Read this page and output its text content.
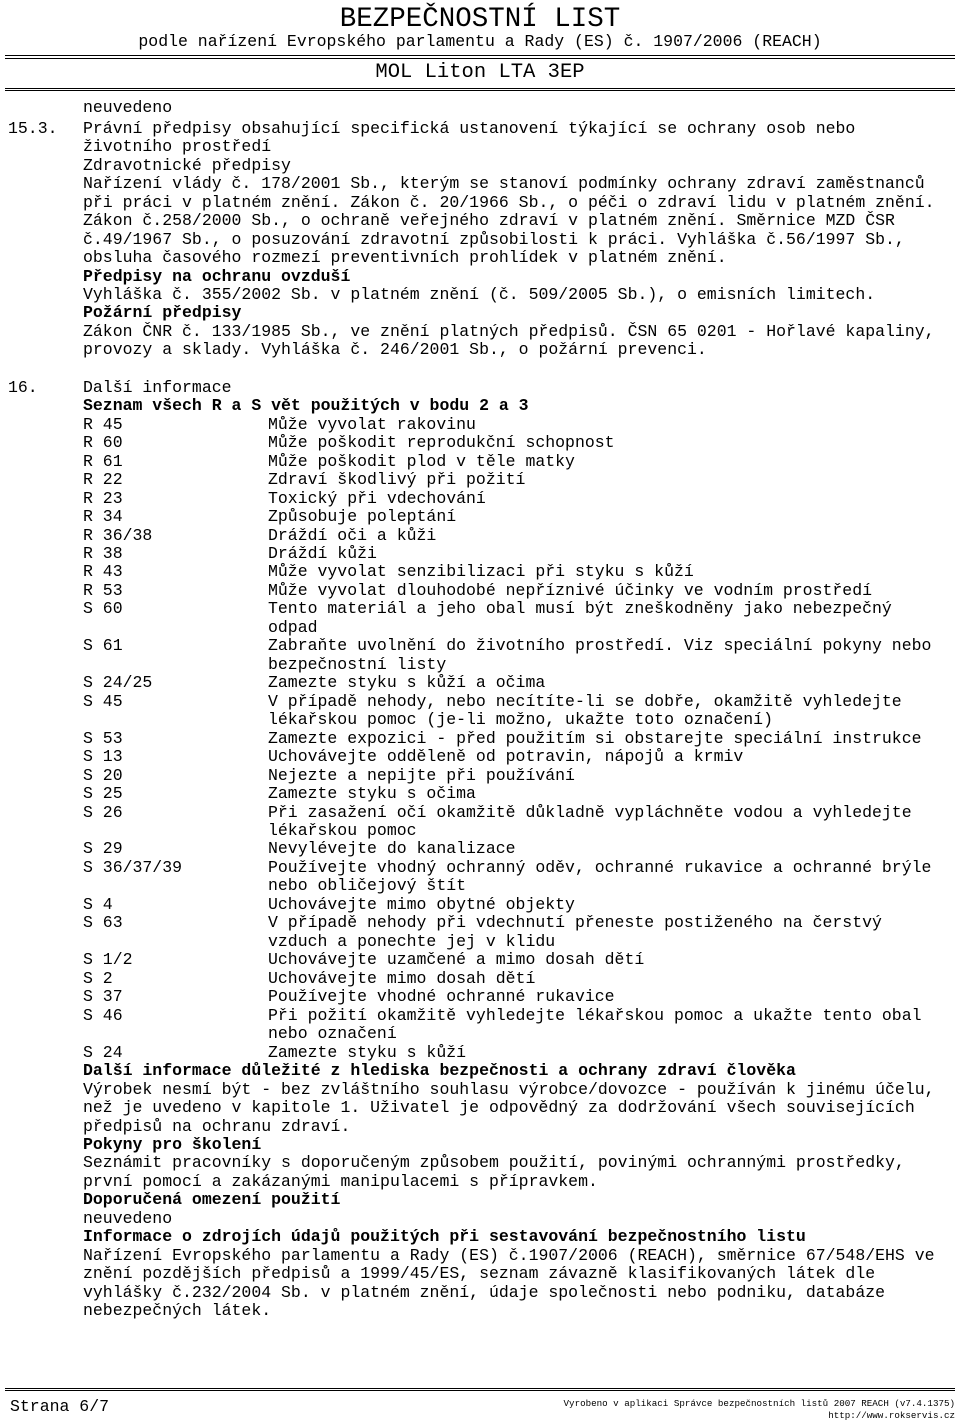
BEZPEČNOSTNÍ LIST
podle nařízení Evropského parlamentu a Rady (ES) č. 1907/2006 (REACH)
MOL Liton LTA 3EP
neuvedeno

15.3.

Právní předpisy obsahující specifická ustanovení týkající se ochrany osob nebo

životního prostředí
Zdravotnické předpisy
Nařízení vlády č. 178/2001 Sb., kterým se stanoví podmínky ochrany zdraví zaměstnanců
při práci v platném znění. Zákon č. 20/1966 Sb., o péči o zdraví lidu v platném znění.
Zákon č.258/2000 Sb., o ochraně veřejného zdraví v platném znění. Směrnice MZD ČSR
č.49/1967 Sb., o posuzování zdravotní způsobilosti k práci. Vyhláška č.56/1997 Sb.,
obsluha časového rozmezí preventivních prohlídek v platném znění.
Předpisy na ochranu ovzduší
Vyhláška č. 355/2002 Sb. v platném znění (č. 509/2005 Sb.), o emisních limitech.
Požární předpisy
Zákon ČNR č. 133/1985 Sb., ve znění platných předpisů. ČSN 65 0201 - Hořlavé kapaliny,
provozy a sklady. Vyhláška č. 246/2001 Sb., o požární prevenci.

16.

	Další informace

Seznam všech R a S vět použitých v bodu 2 a 3
R 45	Může vyvolat rakovinu
R 60	Může poškodit reprodukční schopnost
R 61	Může poškodit plod v těle matky
R 22	Zdraví škodlivý při požití
R 23	Toxický při vdechování
R 34	Způsobuje poleptání
R 36/38	Dráždí oči a kůži
R 38	Dráždí kůži
R 43	Může vyvolat senzibilizaci při styku s kůží
R 53	Může vyvolat dlouhodobé nepříznivé účinky ve vodním prostředí
S 60	Tento materiál a jeho obal musí být zneškodněny jako nebezpečný
odpad
S 61	Zabraňte uvolnění do životního prostředí. Viz speciální pokyny nebo
bezpečnostní listy
S 24/25	Zamezte styku s kůží a očima
S 45	V případě nehody, nebo necítíte-li se dobře, okamžitě vyhledejte
lékařskou pomoc (je-li možno, ukažte toto označení)
S 53	Zamezte expozici - před použitím si obstarejte speciální instrukce
S 13	Uchovávejte odděleně od potravin, nápojů a krmiv
S 20	Nejezte a nepijte při používání
S 25	Zamezte styku s očima
S 26	Při zasažení očí okamžitě důkladně vypláchněte vodou a vyhledejte
lékařskou pomoc
S 29	Nevylévejte do kanalizace
S 36/37/39	Používejte vhodný ochranný oděv, ochranné rukavice a ochranné brýle
nebo obličejový štít
S 4	Uchovávejte mimo obytné objekty
S 63	V případě nehody při vdechnutí přeneste postiženého na čerstvý
vzduch a ponechte jej v klidu
S 1/2	Uchovávejte uzamčené a mimo dosah dětí
S 2	Uchovávejte mimo dosah dětí
S 37	Používejte vhodné ochranné rukavice
S 46	Při požití okamžitě vyhledejte lékařskou pomoc a ukažte tento obal
nebo označení
S 24	Zamezte styku s kůží
Další informace důležité z hlediska bezpečnosti a ochrany zdraví člověka
Výrobek nesmí být - bez zvláštního souhlasu výrobce/dovozce - používán k jinému účelu,
než je uvedeno v kapitole 1. Uživatel je odpovědný za dodržování všech souvisejících
předpisů na ochranu zdraví.
Pokyny pro školení
Seznámit pracovníky s doporučeným způsobem použití, povinými ochrannými prostředky,
první pomocí a zakázanými manipulacemi s přípravkem.
Doporučená omezení použití
neuvedeno
Informace o zdrojích údajů použitých při sestavování bezpečnostního listu
Nařízení Evropského parlamentu a Rady (ES) č.1907/2006 (REACH), směrnice 67/548/EHS ve
znění pozdějších předpisů a 1999/45/ES, seznam závazně klasifikovaných látek dle
vyhlášky č.232/2004 Sb. v platném znění, údaje společnosti nebo podniku, databáze
nebezpečných látek.
Strana 6/7	Vyrobeno v aplikaci Správce bezpečnostních listů 2007 REACH (v7.4.1375)
http://www.rokservis.cz
